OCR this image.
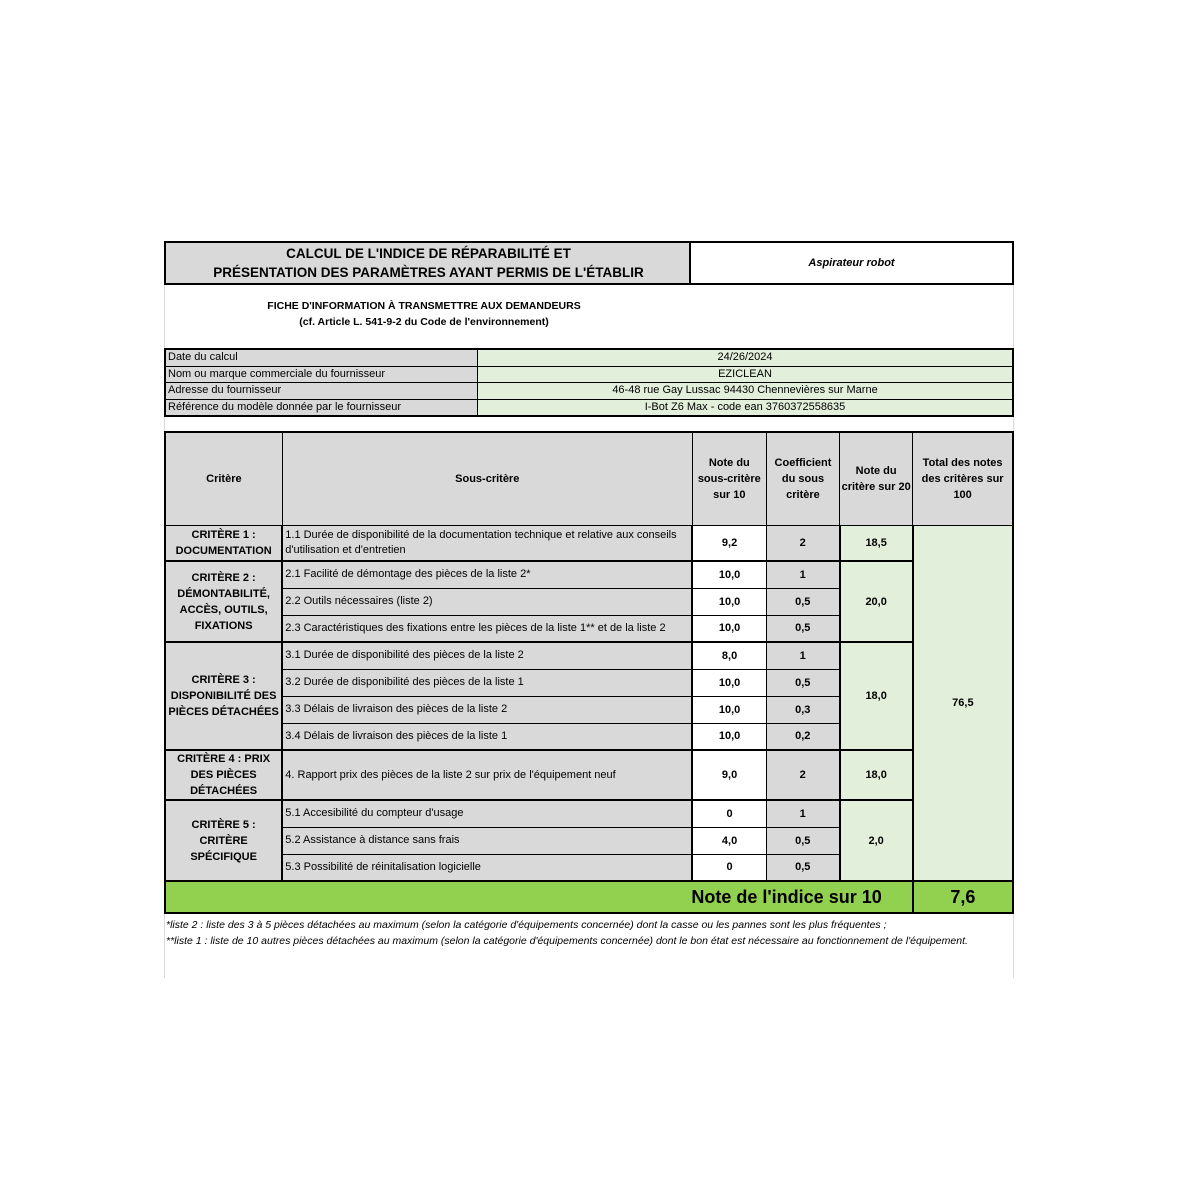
CALCUL DE L'INDICE DE RÉPARABILITÉ ET
PRÉSENTATION DES PARAMÈTRES AYANT PERMIS DE L'ÉTABLIR
Aspirateur robot
FICHE D'INFORMATION À TRANSMETTRE AUX DEMANDEURS
(cf. Article L. 541-9-2 du Code de l'environnement)
Date du calcul	24/26/2024
Nom ou marque commerciale du fournisseur	EZICLEAN
Adresse du fournisseur	46-48 rue Gay Lussac 94430 Chennevières sur Marne
Référence du modèle donnée par le fournisseur	I-Bot Z6 Max - code ean 3760372558635
Critère	Sous-critère	Note du sous-critère sur 10	Coefficient du sous critère	Note du critère sur 20	Total des notes des critères sur 100
CRITÈRE 1 : DOCUMENTATION	1.1 Durée de disponibilité de la documentation technique et relative aux conseils d'utilisation et d'entretien	9,2	2	18,5	76,5
CRITÈRE 2 : DÉMONTABILITÉ, ACCÈS, OUTILS, FIXATIONS	2.1 Facilité de démontage des pièces de la liste 2*	10,0	1	20,0	
	2.2 Outils nécessaires (liste 2)	10,0	0,5		
	2.3 Caractéristiques des fixations entre les pièces de la liste 1** et de la liste 2	10,0	0,5		
CRITÈRE 3 : DISPONIBILITÉ DES PIÈCES DÉTACHÉES	3.1 Durée de disponibilité des pièces de la liste 2	8,0	1	18,0	
	3.2 Durée de disponibilité des pièces de la liste 1	10,0	0,5		
	3.3 Délais de livraison des pièces de la liste 2	10,0	0,3		
	3.4 Délais de livraison des pièces de la liste 1	10,0	0,2		
CRITÈRE 4 : PRIX DES PIÈCES DÉTACHÉES	4. Rapport prix des pièces de la liste 2 sur prix de l'équipement neuf	9,0	2	18,0	
CRITÈRE 5 : CRITÈRE SPÉCIFIQUE	5.1 Accesibilité du compteur d'usage	0	1	2,0	
	5.2 Assistance à distance sans frais	4,0	0,5		
	5.3 Possibilité de réinitalisation logicielle	0	0,5		
Note de l'indice sur 10					7,6
*liste 2 : liste des 3 à 5 pièces détachées au maximum (selon la catégorie d'équipements concernée) dont la casse ou les pannes sont les plus fréquentes ;
**liste 1 : liste de 10 autres pièces détachées au maximum (selon la catégorie d'équipements concernée) dont le bon état est nécessaire au fonctionnement de l'équipement.
